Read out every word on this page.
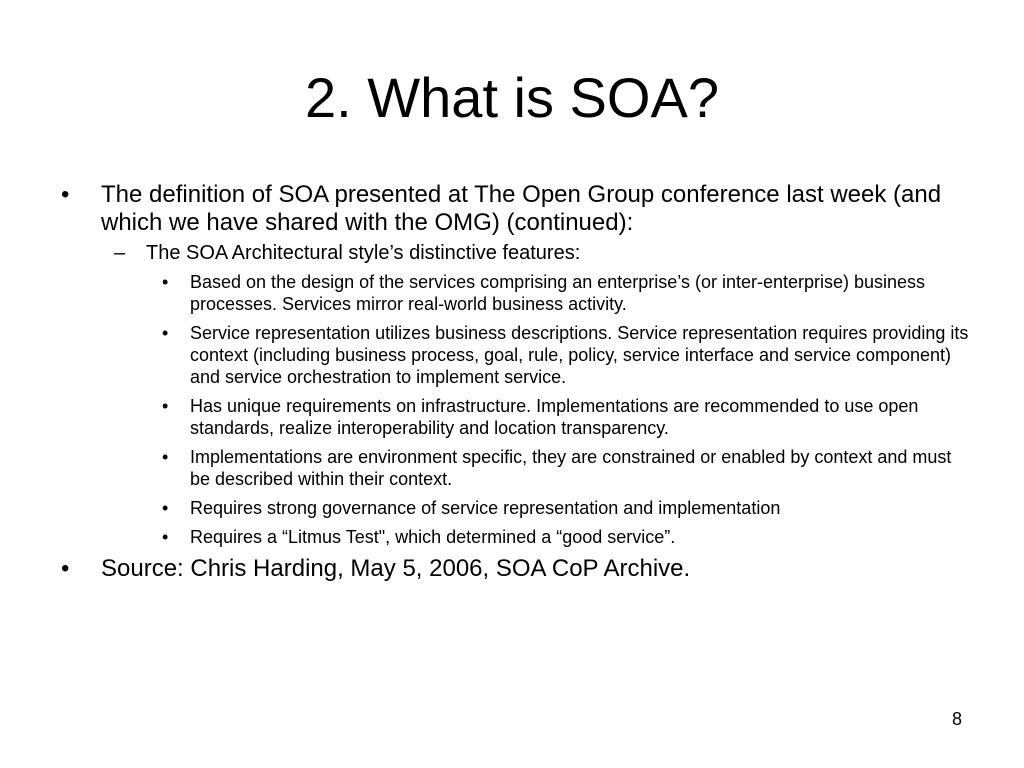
2. What is SOA?
• The definition of SOA presented at The Open Group conference last week (and which we have shared with the OMG) (continued):
– The SOA Architectural style’s distinctive features:
• Based on the design of the services comprising an enterprise’s (or inter-enterprise) business processes. Services mirror real-world business activity.
• Service representation utilizes business descriptions. Service representation requires providing its context (including business process, goal, rule, policy, service interface and service component) and service orchestration to implement service.
• Has unique requirements on infrastructure. Implementations are recommended to use open standards, realize interoperability and location transparency.
• Implementations are environment specific, they are constrained or enabled by context and must be described within their context.
• Requires strong governance of service representation and implementation
• Requires a “Litmus Test", which determined a “good service”.
• Source: Chris Harding, May 5, 2006, SOA CoP Archive.
8
